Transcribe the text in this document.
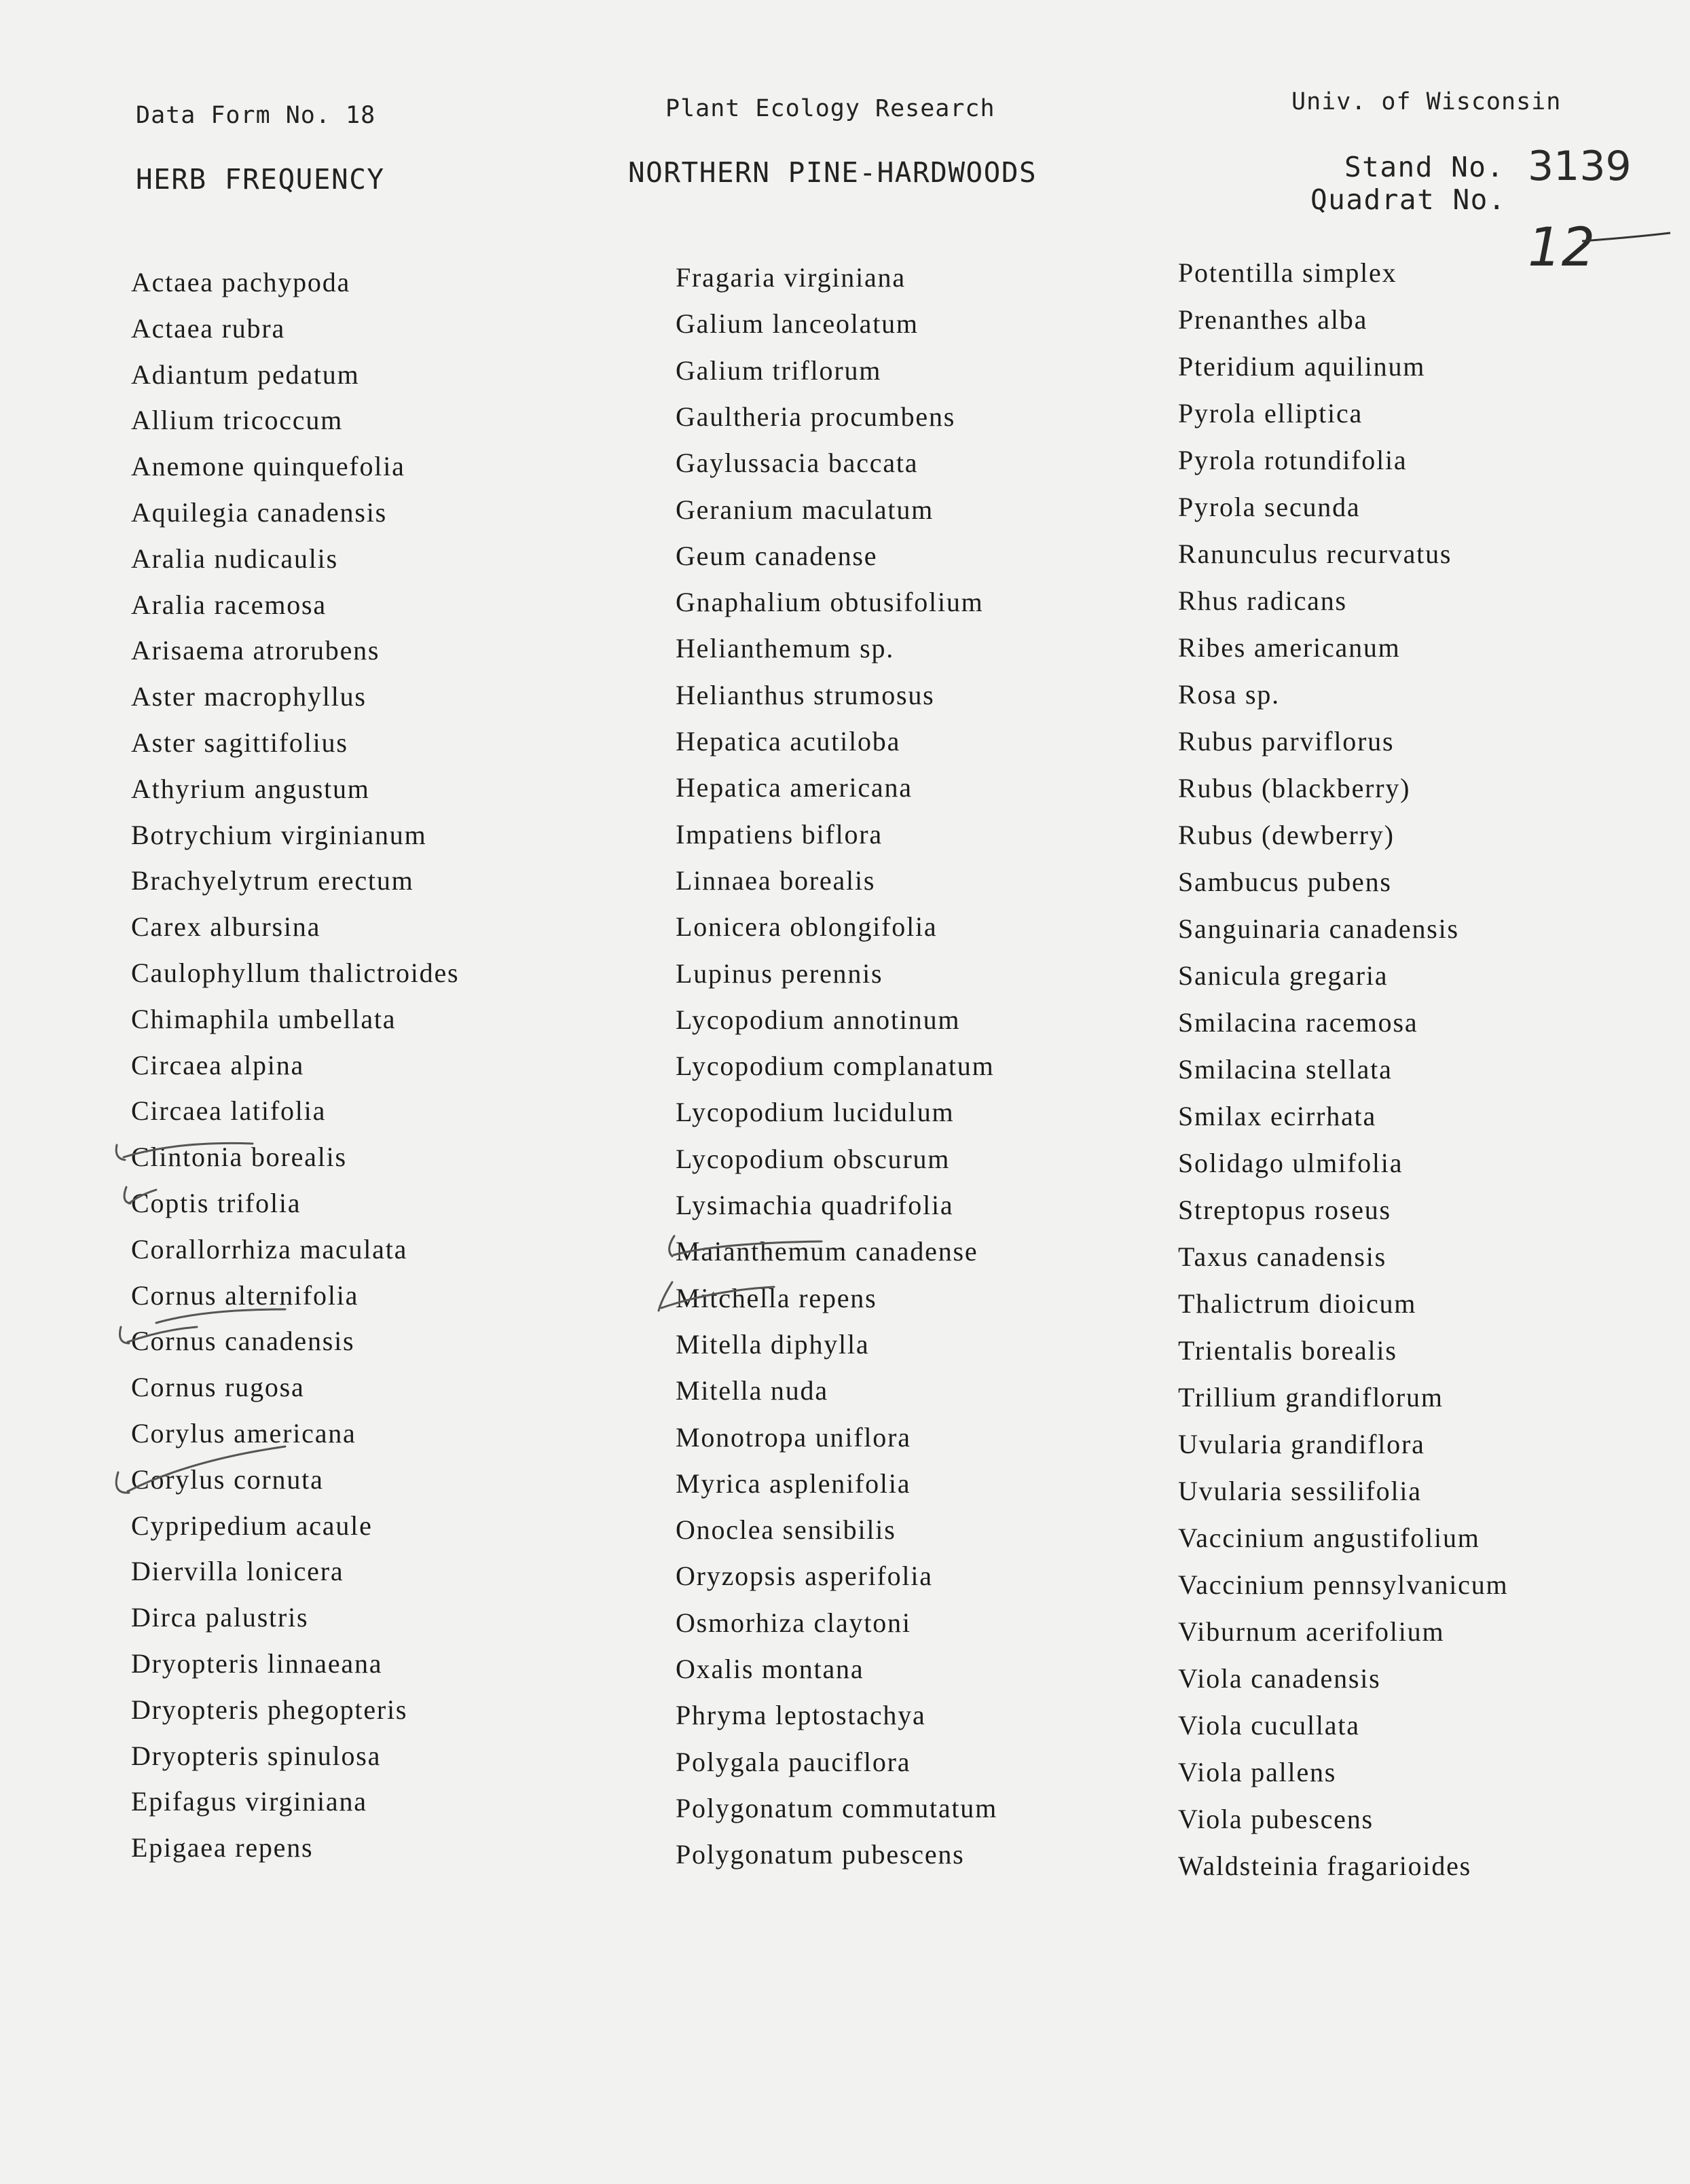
Data Form No. 18	Plant Ecology Research	Univ. of Wisconsin
HERB FREQUENCY	NORTHERN PINE-HARDWOODS	Stand No. 3139
Quadrat No.
12
Actaea pachypoda
Actaea rubra
Adiantum pedatum
Allium tricoccum
Anemone quinquefolia
Aquilegia canadensis
Aralia nudicaulis
Aralia racemosa
Arisaema atrorubens
Aster macrophyllus
Aster sagittifolius
Athyrium angustum
Botrychium virginianum
Brachyelytrum erectum
Carex albursina
Caulophyllum thalictroides
Chimaphila umbellata
Circaea alpina
Circaea latifolia
Clintonia borealis
Coptis trifolia
Corallorrhiza maculata
Cornus alternifolia
Cornus canadensis
Cornus rugosa
Corylus americana
Corylus cornuta
Cypripedium acaule
Diervilla lonicera
Dirca palustris
Dryopteris linnaeana
Dryopteris phegopteris
Dryopteris spinulosa
Epifagus virginiana
Epigaea repens
Fragaria virginiana
Galium lanceolatum
Galium triflorum
Gaultheria procumbens
Gaylussacia baccata
Geranium maculatum
Geum canadense
Gnaphalium obtusifolium
Helianthemum sp.
Helianthus strumosus
Hepatica acutiloba
Hepatica americana
Impatiens biflora
Linnaea borealis
Lonicera oblongifolia
Lupinus perennis
Lycopodium annotinum
Lycopodium complanatum
Lycopodium lucidulum
Lycopodium obscurum
Lysimachia quadrifolia
Maianthemum canadense
Mitchella repens
Mitella diphylla
Mitella nuda
Monotropa uniflora
Myrica asplenifolia
Onoclea sensibilis
Oryzopsis asperifolia
Osmorhiza claytoni
Oxalis montana
Phryma leptostachya
Polygala pauciflora
Polygonatum commutatum
Polygonatum pubescens
Potentilla simplex
Prenanthes alba
Pteridium aquilinum
Pyrola elliptica
Pyrola rotundifolia
Pyrola secunda
Ranunculus recurvatus
Rhus radicans
Ribes americanum
Rosa sp.
Rubus parviflorus
Rubus (blackberry)
Rubus (dewberry)
Sambucus pubens
Sanguinaria canadensis
Sanicula gregaria
Smilacina racemosa
Smilacina stellata
Smilax ecirrhata
Solidago ulmifolia
Streptopus roseus
Taxus canadensis
Thalictrum dioicum
Trientalis borealis
Trillium grandiflorum
Uvularia grandiflora
Uvularia sessilifolia
Vaccinium angustifolium
Vaccinium pennsylvanicum
Viburnum acerifolium
Viola canadensis
Viola cucullata
Viola pallens
Viola pubescens
Waldsteinia fragarioides
